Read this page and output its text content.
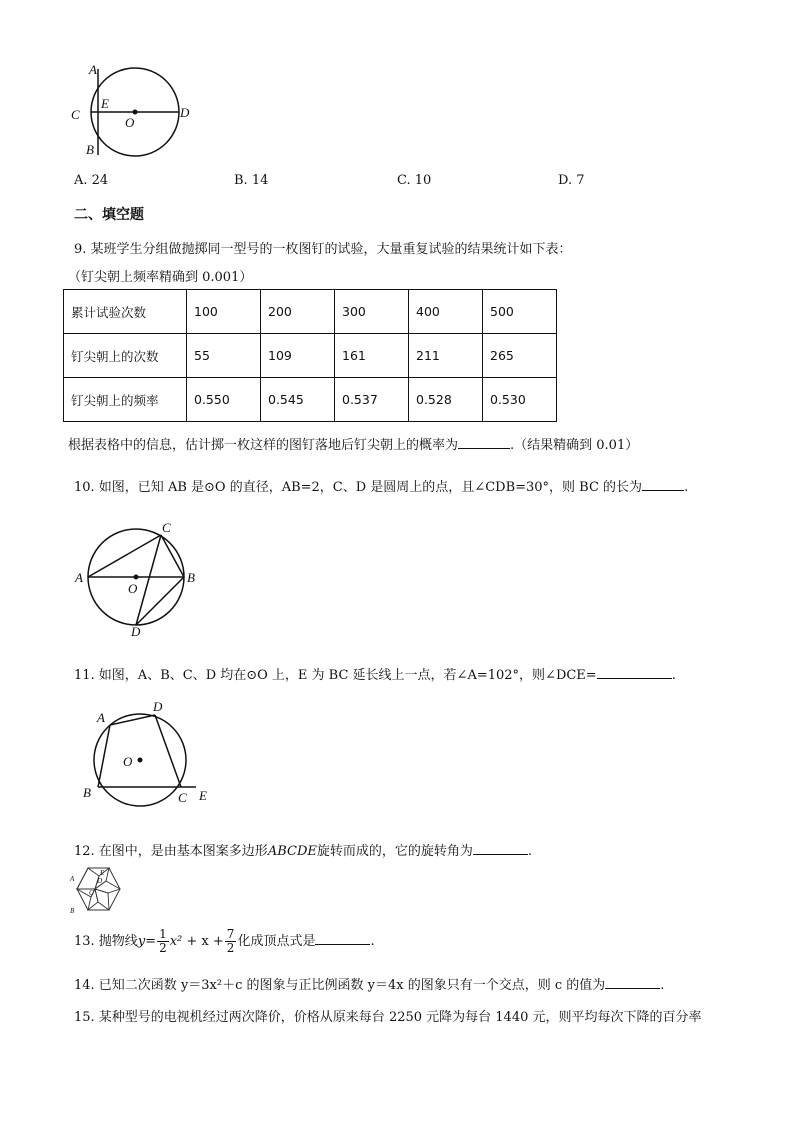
A
E
C
O
D
B
A. 24	B. 14	C. 10	D. 7
二、填空题
9. 某班学生分组做抛掷同一型号的一枚图钉的试验，大量重复试验的结果统计如下表：
（钉尖朝上频率精确到 0.001）
累计试验次数	100	200	300	400	500
钉尖朝上的次数	55	109	161	211	265
钉尖朝上的频率	0.550	0.545	0.537	0.528	0.530
根据表格中的信息，估计掷一枚这样的图钉落地后钉尖朝上的概率为	.（结果精确到 0.01）
10. 如图，已知 AB 是⊙O 的直径，AB=2，C、D 是圆周上的点，且∠CDB=30°，则 BC 的长为	.
A
O
C
B
D
11. 如图，A、B、C、D 均在⊙O 上，E 为 BC 延长线上一点，若∠A=102°，则∠DCE=	.
A
D
O
B	C E
12. 在图中，是由基本图案多边形ABCDE旋转而成的，它的旋转角为	.
E
A	D
C
B
13. 抛物线$y= \frac{1}{2} x^2 + x + \frac{7}{2}$ 化成顶点式是	.
14. 已知二次函数 y＝3x²＋c 的图象与正比例函数 y＝4x 的图象只有一个交点，则 c 的值为	.
15. 某种型号的电视机经过两次降价，价格从原来每台 2250 元降为每台 1440 元，则平均每次下降的百分率
